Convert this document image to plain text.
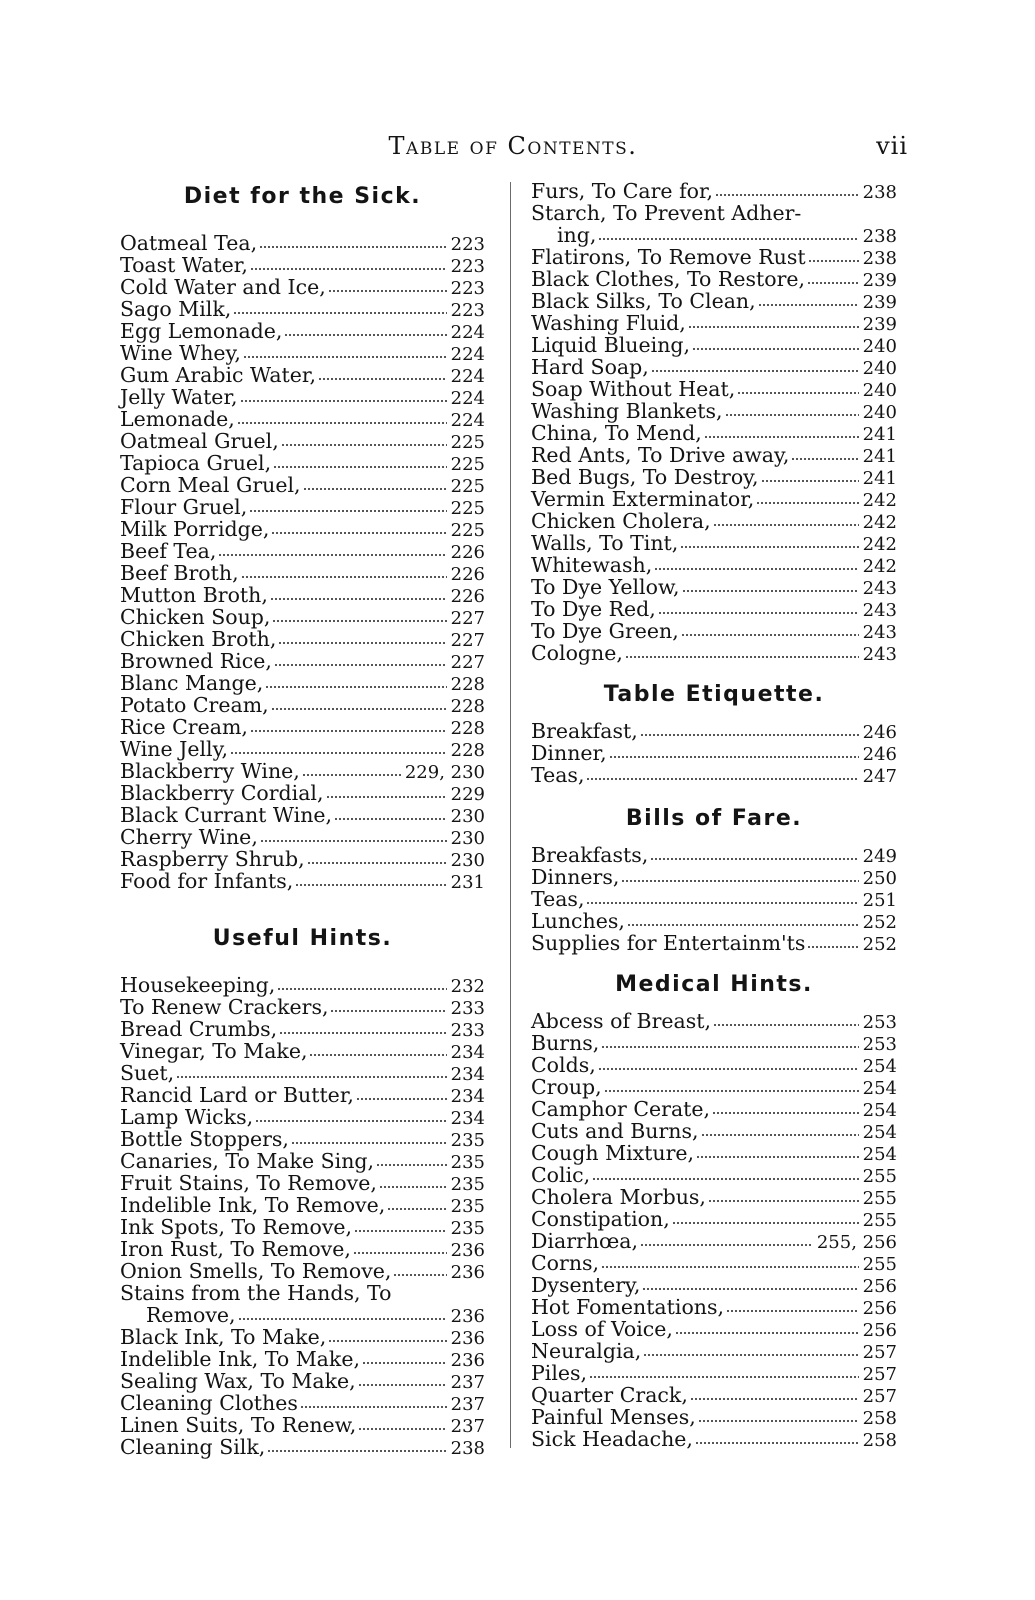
Table of Contents.	vii
Diet for the Sick.
Oatmeal Tea,	223
Toast Water,	223
Cold Water and Ice,	223
Sago Milk,	223
Egg Lemonade,	224
Wine Whey,	224
Gum Arabic Water,	224
Jelly Water,	224
Lemonade,	224
Oatmeal Gruel,	225
Tapioca Gruel,	225
Corn Meal Gruel,	225
Flour Gruel,	225
Milk Porridge,	225
Beef Tea,	226
Beef Broth,	226
Mutton Broth,	226
Chicken Soup,	227
Chicken Broth,	227
Browned Rice,	227
Blanc Mange,	228
Potato Cream,	228
Rice Cream,	228
Wine Jelly,	228
Blackberry Wine,	229, 230
Blackberry Cordial,	229
Black Currant Wine,	230
Cherry Wine,	230
Raspberry Shrub,	230
Food for Infants,	231
Useful Hints.
Housekeeping,	232
To Renew Crackers,	233
Bread Crumbs,	233
Vinegar, To Make,	234
Suet,	234
Rancid Lard or Butter,	234
Lamp Wicks,	234
Bottle Stoppers,	235
Canaries, To Make Sing,	235
Fruit Stains, To Remove,	235
Indelible Ink, To Remove,	235
Ink Spots, To Remove,	235
Iron Rust, To Remove,	236
Onion Smells, To Remove,	236
Stains from the Hands, To
Remove,	236
Black Ink, To Make,	236
Indelible Ink, To Make,	236
Sealing Wax, To Make,	237
Cleaning Clothes	237
Linen Suits, To Renew,	237
Cleaning Silk,	238
Furs, To Care for,	238
Starch, To Prevent Adher-
ing,	238
Flatirons, To Remove Rust	238
Black Clothes, To Restore,	239
Black Silks, To Clean,	239
Washing Fluid,	239
Liquid Blueing,	240
Hard Soap,	240
Soap Without Heat,	240
Washing Blankets,	240
China, To Mend,	241
Red Ants, To Drive away,	241
Bed Bugs, To Destroy,	241
Vermin Exterminator,	242
Chicken Cholera,	242
Walls, To Tint,	242
Whitewash,	242
To Dye Yellow,	243
To Dye Red,	243
To Dye Green,	243
Cologne,	243
Table Etiquette.
Breakfast,	246
Dinner,	246
Teas,	247
Bills of Fare.
Breakfasts,	249
Dinners,	250
Teas,	251
Lunches,	252
Supplies for Entertainm'ts	252
Medical Hints.
Abcess of Breast,	253
Burns,	253
Colds,	254
Croup,	254
Camphor Cerate,	254
Cuts and Burns,	254
Cough Mixture,	254
Colic,	255
Cholera Morbus,	255
Constipation,	255
Diarrhœa,	255, 256
Corns,	255
Dysentery,	256
Hot Fomentations,	256
Loss of Voice,	256
Neuralgia,	257
Piles,	257
Quarter Crack,	257
Painful Menses,	258
Sick Headache,	258
